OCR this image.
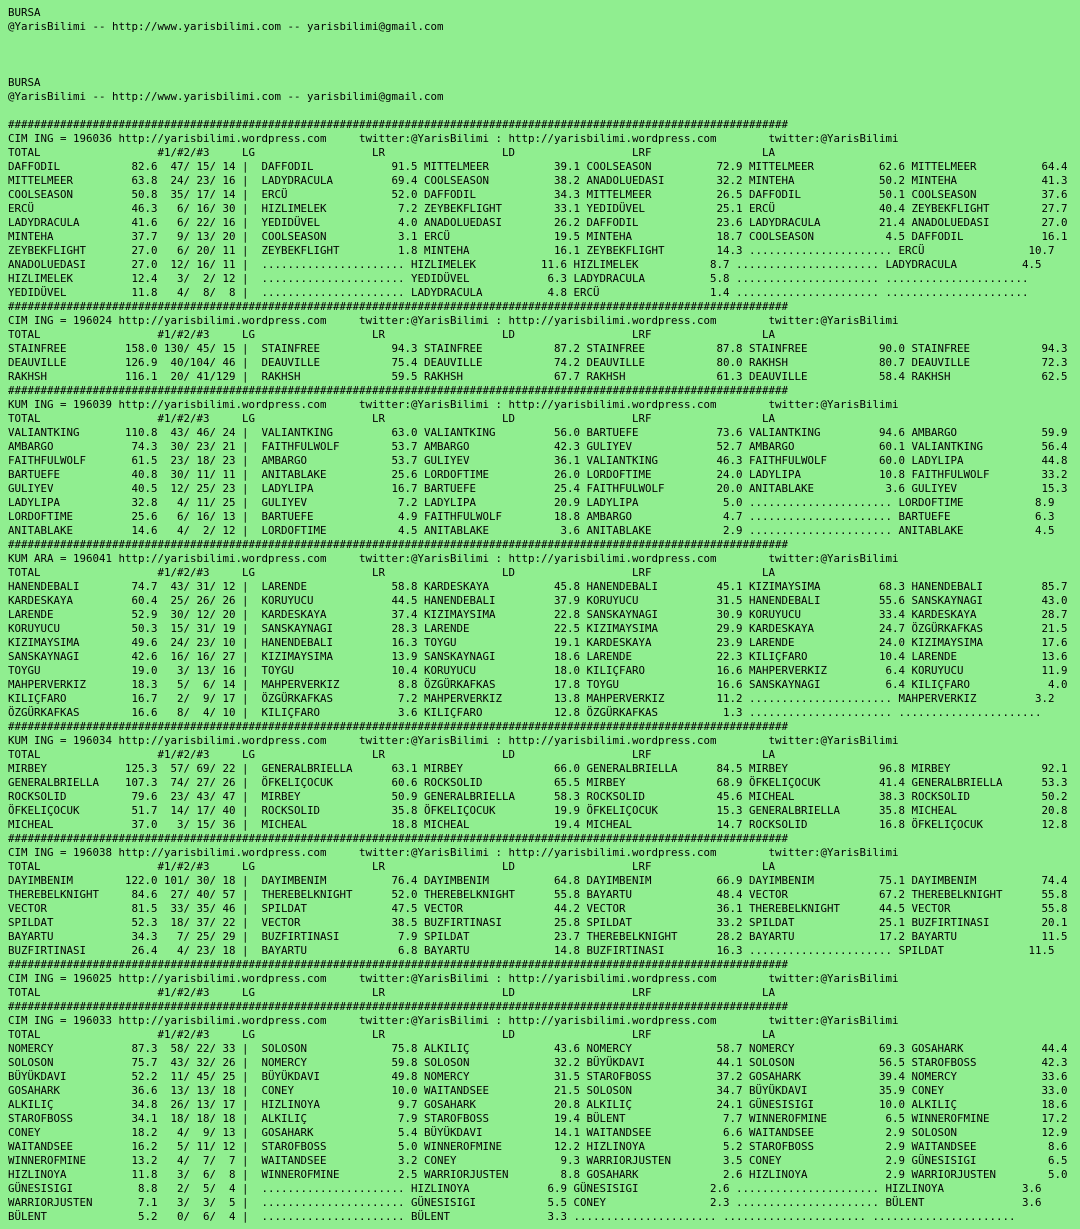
BURSA
@YarisBilimi -- http://www.yarisbilimi.com -- yarisbilimi@gmail.com
BURSA
@YarisBilimi -- http://www.yarisbilimi.com -- yarisbilimi@gmail.com
########################################################################################################################
CIM ING = 196036 http://yarisbilimi.wordpress.com     twitter:@YarisBilimi : http://yarisbilimi.wordpress.com        twitter:@YarisBilimi
TOTAL                  #1/#2/#3     LG                  LR                  LD                  LRF                 LA
DAFFODIL           82.6  47/ 15/ 14 |  DAFFODIL            91.5 MITTELMEER          39.1 COOLSEASON          72.9 MITTELMEER          62.6 MITTELMEER          64.4
MITTELMEER         63.8  24/ 23/ 16 |  LADYDRACULA         69.4 COOLSEASON          38.2 ANADOLUEDASI        32.2 MINTEHA             50.2 MINTEHA             41.3
COOLSEASON         50.8  35/ 17/ 14 |  ERCÜ                52.0 DAFFODIL            34.3 MITTELMEER          26.5 DAFFODIL            50.1 COOLSEASON          37.6
ERCÜ               46.3   6/ 16/ 30 |  HIZLIMELEK           7.2 ZEYBEKFLIGHT        33.1 YEDIDÜVEL           25.1 ERCÜ                40.4 ZEYBEKFLIGHT        27.7
LADYDRACULA        41.6   6/ 22/ 16 |  YEDIDÜVEL            4.0 ANADOLUEDASI        26.2 DAFFODIL            23.6 LADYDRACULA         21.4 ANADOLUEDASI        27.0
MINTEHA            37.7   9/ 13/ 20 |  COOLSEASON           3.1 ERCÜ                19.5 MINTEHA             18.7 COOLSEASON           4.5 DAFFODIL            16.1
ZEYBEKFLIGHT       27.0   6/ 20/ 11 |  ZEYBEKFLIGHT         1.8 MINTEHA             16.1 ZEYBEKFLIGHT        14.3 ...................... ERCÜ                10.7
ANADOLUEDASI       27.0  12/ 16/ 11 |  ...................... HIZLIMELEK          11.6 HIZLIMELEK           8.7 ...................... LADYDRACULA          4.5
HIZLIMELEK         12.4   3/  2/ 12 |  ...................... YEDIDÜVEL            6.3 LADYDRACULA          5.8 ...................... ......................
YEDIDÜVEL          11.8   4/  8/  8 |  ...................... LADYDRACULA          4.8 ERCÜ                 1.4 ...................... ......................
########################################################################################################################
CIM ING = 196024 http://yarisbilimi.wordpress.com     twitter:@YarisBilimi : http://yarisbilimi.wordpress.com        twitter:@YarisBilimi
TOTAL                  #1/#2/#3     LG                  LR                  LD                  LRF                 LA
STAINFREE         158.0 130/ 45/ 15 |  STAINFREE           94.3 STAINFREE           87.2 STAINFREE           87.8 STAINFREE           90.0 STAINFREE           94.3
DEAUVILLE         126.9  40/104/ 46 |  DEAUVILLE           75.4 DEAUVILLE           74.2 DEAUVILLE           80.0 RAKHSH              80.7 DEAUVILLE           72.3
RAKHSH            116.1  20/ 41/129 |  RAKHSH              59.5 RAKHSH              67.7 RAKHSH              61.3 DEAUVILLE           58.4 RAKHSH              62.5
########################################################################################################################
KUM ING = 196039 http://yarisbilimi.wordpress.com     twitter:@YarisBilimi : http://yarisbilimi.wordpress.com        twitter:@YarisBilimi
TOTAL                  #1/#2/#3     LG                  LR                  LD                  LRF                 LA
VALIANTKING       110.8  43/ 46/ 24 |  VALIANTKING         63.0 VALIANTKING         56.0 BARTUEFE            73.6 VALIANTKING         94.6 AMBARGO             59.9
AMBARGO            74.3  30/ 23/ 21 |  FAITHFULWOLF        53.7 AMBARGO             42.3 GULIYEV             52.7 AMBARGO             60.1 VALIANTKING         56.4
FAITHFULWOLF       61.5  23/ 18/ 23 |  AMBARGO             53.7 GULIYEV             36.1 VALIANTKING         46.3 FAITHFULWOLF        60.0 LADYLIPA            44.8
BARTUEFE           40.8  30/ 11/ 11 |  ANITABLAKE          25.6 LORDOFTIME          26.0 LORDOFTIME          24.0 LADYLIPA            10.8 FAITHFULWOLF        33.2
GULIYEV            40.5  12/ 25/ 23 |  LADYLIPA            16.7 BARTUEFE            25.4 FAITHFULWOLF        20.0 ANITABLAKE           3.6 GULIYEV             15.3
LADYLIPA           32.8   4/ 11/ 25 |  GULIYEV              7.2 LADYLIPA            20.9 LADYLIPA             5.0 ...................... LORDOFTIME           8.9
LORDOFTIME         25.6   6/ 16/ 13 |  BARTUEFE             4.9 FAITHFULWOLF        18.8 AMBARGO              4.7 ...................... BARTUEFE             6.3
ANITABLAKE         14.6   4/  2/ 12 |  LORDOFTIME           4.5 ANITABLAKE           3.6 ANITABLAKE           2.9 ...................... ANITABLAKE           4.5
########################################################################################################################
KUM ARA = 196041 http://yarisbilimi.wordpress.com     twitter:@YarisBilimi : http://yarisbilimi.wordpress.com        twitter:@YarisBilimi
TOTAL                  #1/#2/#3     LG                  LR                  LD                  LRF                 LA
HANENDEBALI        74.7  43/ 31/ 12 |  LARENDE             58.8 KARDESKAYA          45.8 HANENDEBALI         45.1 KIZIMAYSIMA         68.3 HANENDEBALI         85.7
KARDESKAYA         60.4  25/ 26/ 26 |  KORUYUCU            44.5 HANENDEBALI         37.9 KORUYUCU            31.5 HANENDEBALI         55.6 SANSKAYNAGI         43.0
LARENDE            52.9  30/ 12/ 20 |  KARDESKAYA          37.4 KIZIMAYSIMA         22.8 SANSKAYNAGI         30.9 KORUYUCU            33.4 KARDESKAYA          28.7
KORUYUCU           50.3  15/ 31/ 19 |  SANSKAYNAGI         28.3 LARENDE             22.5 KIZIMAYSIMA         29.9 KARDESKAYA          24.7 ÖZGÜRKAFKAS         21.5
KIZIMAYSIMA        49.6  24/ 23/ 10 |  HANENDEBALI         16.3 TOYGU               19.1 KARDESKAYA          23.9 LARENDE             24.0 KIZIMAYSIMA         17.6
SANSKAYNAGI        42.6  16/ 16/ 27 |  KIZIMAYSIMA         13.9 SANSKAYNAGI         18.6 LARENDE             22.3 KILIÇFARO           10.4 LARENDE             13.6
TOYGU              19.0   3/ 13/ 16 |  TOYGU               10.4 KORUYUCU            18.0 KILIÇFARO           16.6 MAHPERVERKIZ         6.4 KORUYUCU            11.9
MAHPERVERKIZ       18.3   5/  6/ 14 |  MAHPERVERKIZ         8.8 ÖZGÜRKAFKAS         17.8 TOYGU               16.6 SANSKAYNAGI          6.4 KILIÇFARO            4.0
KILIÇFARO          16.7   2/  9/ 17 |  ÖZGÜRKAFKAS          7.2 MAHPERVERKIZ        13.8 MAHPERVERKIZ        11.2 ...................... MAHPERVERKIZ         3.2
ÖZGÜRKAFKAS        16.6   8/  4/ 10 |  KILIÇFARO            3.6 KILIÇFARO           12.8 ÖZGÜRKAFKAS          1.3 ...................... ......................
########################################################################################################################
KUM ING = 196034 http://yarisbilimi.wordpress.com     twitter:@YarisBilimi : http://yarisbilimi.wordpress.com        twitter:@YarisBilimi
TOTAL                  #1/#2/#3     LG                  LR                  LD                  LRF                 LA
MIRBEY            125.3  57/ 69/ 22 |  GENERALBRIELLA      63.1 MIRBEY              66.0 GENERALBRIELLA      84.5 MIRBEY              96.8 MIRBEY              92.1
GENERALBRIELLA    107.3  74/ 27/ 26 |  ÖFKELIÇOCUK         60.6 ROCKSOLID           65.5 MIRBEY              68.9 ÖFKELIÇOCUK         41.4 GENERALBRIELLA      53.3
ROCKSOLID          79.6  23/ 43/ 47 |  MIRBEY              50.9 GENERALBRIELLA      58.3 ROCKSOLID           45.6 MICHEAL             38.3 ROCKSOLID           50.2
ÖFKELIÇOCUK        51.7  14/ 17/ 40 |  ROCKSOLID           35.8 ÖFKELIÇOCUK         19.9 ÖFKELIÇOCUK         15.3 GENERALBRIELLA      35.8 MICHEAL             20.8
MICHEAL            37.0   3/ 15/ 36 |  MICHEAL             18.8 MICHEAL             19.4 MICHEAL             14.7 ROCKSOLID           16.8 ÖFKELIÇOCUK         12.8
########################################################################################################################
CIM ING = 196038 http://yarisbilimi.wordpress.com     twitter:@YarisBilimi : http://yarisbilimi.wordpress.com        twitter:@YarisBilimi
TOTAL                  #1/#2/#3     LG                  LR                  LD                  LRF                 LA
DAYIMBENIM        122.0 101/ 30/ 18 |  DAYIMBENIM          76.4 DAYIMBENIM          64.8 DAYIMBENIM          66.9 DAYIMBENIM          75.1 DAYIMBENIM          74.4
THEREBELKNIGHT     84.6  27/ 40/ 57 |  THEREBELKNIGHT      52.0 THEREBELKNIGHT      55.8 BAYARTU             48.4 VECTOR              67.2 THEREBELKNIGHT      55.8
VECTOR             81.5  33/ 35/ 46 |  SPILDAT             47.5 VECTOR              44.2 VECTOR              36.1 THEREBELKNIGHT      44.5 VECTOR              55.8
SPILDAT            52.3  18/ 37/ 22 |  VECTOR              38.5 BUZFIRTINASI        25.8 SPILDAT             33.2 SPILDAT             25.1 BUZFIRTINASI        20.1
BAYARTU            34.3   7/ 25/ 29 |  BUZFIRTINASI         7.9 SPILDAT             23.7 THEREBELKNIGHT      28.2 BAYARTU             17.2 BAYARTU             11.5
BUZFIRTINASI       26.4   4/ 23/ 18 |  BAYARTU              6.8 BAYARTU             14.8 BUZFIRTINASI        16.3 ...................... SPILDAT             11.5
########################################################################################################################
CIM ING = 196025 http://yarisbilimi.wordpress.com     twitter:@YarisBilimi : http://yarisbilimi.wordpress.com        twitter:@YarisBilimi
TOTAL                  #1/#2/#3     LG                  LR                  LD                  LRF                 LA
########################################################################################################################
CIM ING = 196033 http://yarisbilimi.wordpress.com     twitter:@YarisBilimi : http://yarisbilimi.wordpress.com        twitter:@YarisBilimi
TOTAL                  #1/#2/#3     LG                  LR                  LD                  LRF                 LA
NOMERCY            87.3  58/ 22/ 33 |  SOLOSON             75.8 ALKILIÇ             43.6 NOMERCY             58.7 NOMERCY             69.3 GOSAHARK            44.4
SOLOSON            75.7  43/ 32/ 26 |  NOMERCY             59.8 SOLOSON             32.2 BÜYÜKDAVI           44.1 SOLOSON             56.5 STAROFBOSS          42.3
BÜYÜKDAVI          52.2  11/ 45/ 25 |  BÜYÜKDAVI           49.8 NOMERCY             31.5 STAROFBOSS          37.2 GOSAHARK            39.4 NOMERCY             33.6
GOSAHARK           36.6  13/ 13/ 18 |  CONEY               10.0 WAITANDSEE          21.5 SOLOSON             34.7 BÜYÜKDAVI           35.9 CONEY               33.0
ALKILIÇ            34.8  26/ 13/ 17 |  HIZLINOYA            9.7 GOSAHARK            20.8 ALKILIÇ             24.1 GÜNESISIGI          10.0 ALKILIÇ             18.6
STAROFBOSS         34.1  18/ 18/ 18 |  ALKILIÇ              7.9 STAROFBOSS          19.4 BÜLENT               7.7 WINNEROFMINE         6.5 WINNEROFMINE        17.2
CONEY              18.2   4/  9/ 13 |  GOSAHARK             5.4 BÜYÜKDAVI           14.1 WAITANDSEE           6.6 WAITANDSEE           2.9 SOLOSON             12.9
WAITANDSEE         16.2   5/ 11/ 12 |  STAROFBOSS           5.0 WINNEROFMINE        12.2 HIZLINOYA            5.2 STAROFBOSS           2.9 WAITANDSEE           8.6
WINNEROFMINE       13.2   4/  7/  7 |  WAITANDSEE           3.2 CONEY                9.3 WARRIORJUSTEN        3.5 CONEY                2.9 GÜNESISIGI           6.5
HIZLINOYA          11.8   3/  6/  8 |  WINNEROFMINE         2.5 WARRIORJUSTEN        8.8 GOSAHARK             2.6 HIZLINOYA            2.9 WARRIORJUSTEN        5.0
GÜNESISIGI          8.8   2/  5/  4 |  ...................... HIZLINOYA            6.9 GÜNESISIGI           2.6 ...................... HIZLINOYA            3.6
WARRIORJUSTEN       7.1   3/  3/  5 |  ...................... GÜNESISIGI           5.5 CONEY                2.3 ...................... BÜLENT               3.6
BÜLENT              5.2   0/  6/  4 |  ...................... BÜLENT               3.3 ...................... ...................... ......................
